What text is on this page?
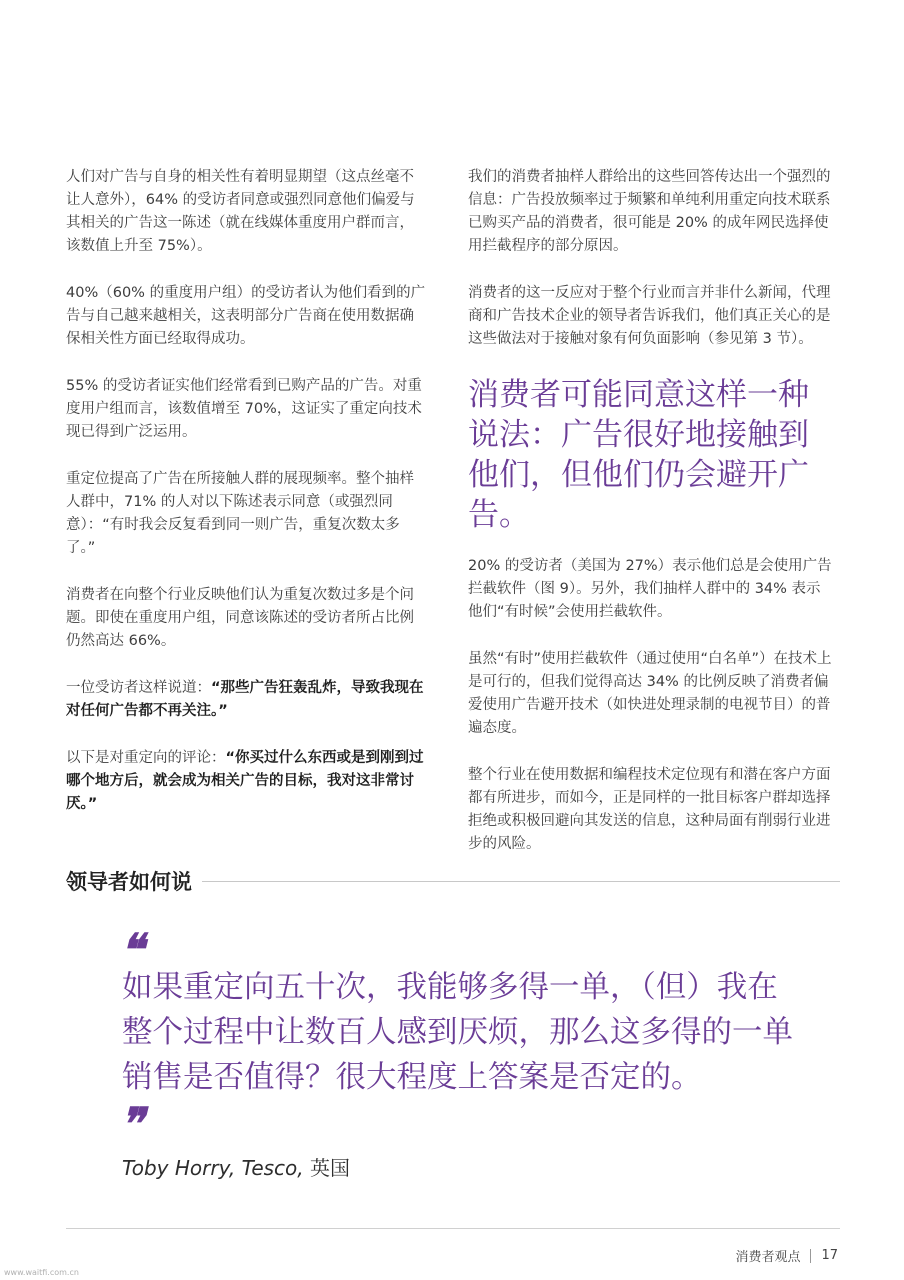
人们对广告与自身的相关性有着明显期望（这点丝毫不让人意外），64% 的受访者同意或强烈同意他们偏爱与其相关的广告这一陈述（就在线媒体重度用户群而言，该数值上升至 75%）。

40%（60% 的重度用户组）的受访者认为他们看到的广告与自己越来越相关，这表明部分广告商在使用数据确保相关性方面已经取得成功。

55% 的受访者证实他们经常看到已购产品的广告。对重度用户组而言，该数值增至 70%，这证实了重定向技术现已得到广泛运用。

重定位提高了广告在所接触人群的展现频率。整个抽样人群中，71% 的人对以下陈述表示同意（或强烈同意）：“有时我会反复看到同一则广告，重复次数太多了。”

消费者在向整个行业反映他们认为重复次数过多是个问题。即使在重度用户组，同意该陈述的受访者所占比例仍然高达 66%。

一位受访者这样说道：“那些广告狂轰乱炸，导致我现在对任何广告都不再关注。”

以下是对重定向的评论：“你买过什么东西或是到刚到过哪个地方后，就会成为相关广告的目标，我对这非常讨厌。”

我们的消费者抽样人群给出的这些回答传达出一个强烈的信息：广告投放频率过于频繁和单纯利用重定向技术联系已购买产品的消费者，很可能是 20% 的成年网民选择使用拦截程序的部分原因。

消费者的这一反应对于整个行业而言并非什么新闻，代理商和广告技术企业的领导者告诉我们，他们真正关心的是这些做法对于接触对象有何负面影响（参见第 3 节）。

消费者可能同意这样一种说法：广告很好地接触到他们，但他们仍会避开广告。

20% 的受访者（美国为 27%）表示他们总是会使用广告拦截软件（图 9）。另外，我们抽样人群中的 34% 表示他们“有时候”会使用拦截软件。

虽然“有时”使用拦截软件（通过使用“白名单”）在技术上是可行的，但我们觉得高达 34% 的比例反映了消费者偏爱使用广告避开技术（如快进处理录制的电视节目）的普遍态度。

整个行业在使用数据和编程技术定位现有和潜在客户方面都有所进步，而如今，正是同样的一批目标客户群却选择拒绝或积极回避向其发送的信息，这种局面有削弱行业进步的风险。

领导者如何说
❝
如果重定向五十次，我能够多得一单，（但）我在整个过程中让数百人感到厌烦，那么这多得的一单销售是否值得？很大程度上答案是否定的。
❞
Toby Horry, Tesco, 英国
消费者观点 17
www.waitfi.com.cn
